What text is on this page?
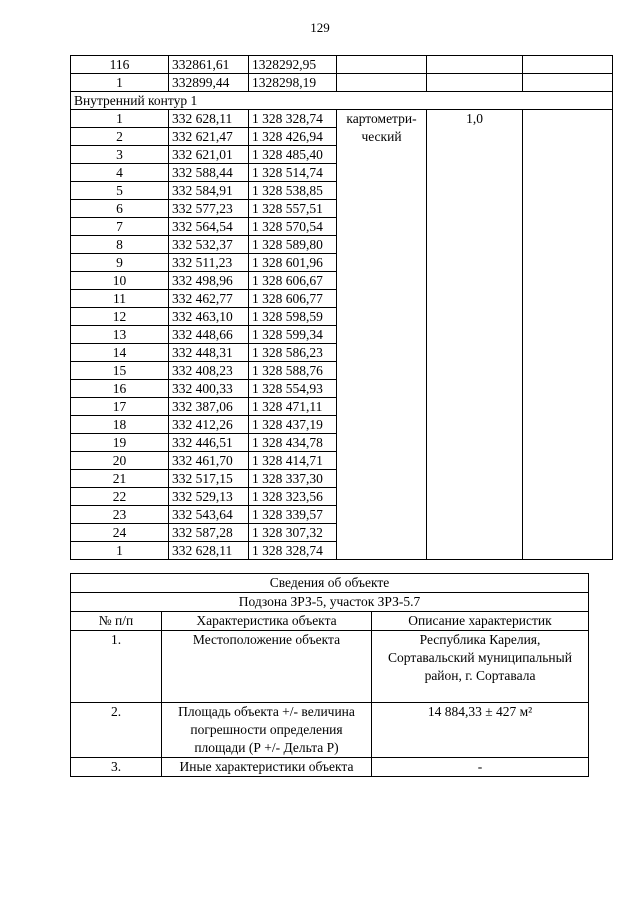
129
116	332861,61	1328292,95			
1	332899,44	1328298,19			
Внутренний контур 1					
1	332 628,11	1 328 328,74	картометри-ческий	1,0	
2	332 621,47	1 328 426,94			
3	332 621,01	1 328 485,40			
4	332 588,44	1 328 514,74			
5	332 584,91	1 328 538,85			
6	332 577,23	1 328 557,51			
7	332 564,54	1 328 570,54			
8	332 532,37	1 328 589,80			
9	332 511,23	1 328 601,96			
10	332 498,96	1 328 606,67			
11	332 462,77	1 328 606,77			
12	332 463,10	1 328 598,59			
13	332 448,66	1 328 599,34			
14	332 448,31	1 328 586,23			
15	332 408,23	1 328 588,76			
16	332 400,33	1 328 554,93			
17	332 387,06	1 328 471,11			
18	332 412,26	1 328 437,19			
19	332 446,51	1 328 434,78			
20	332 461,70	1 328 414,71			
21	332 517,15	1 328 337,30			
22	332 529,13	1 328 323,56			
23	332 543,64	1 328 339,57			
24	332 587,28	1 328 307,32			
1	332 628,11	1 328 328,74			
Сведения об объекте		
Подзона ЗРЗ-5, участок ЗРЗ-5.7		
№ п/п	Характеристика объекта	Описание характеристик
1.	Местоположение объекта	Республика Карелия, Сортавальский муниципальный район, г. Сортавала
2.	Площадь объекта +/- величина погрешности определения площади (Р +/- Дельта Р)	14 884,33 ± 427 м²
3.	Иные характеристики объекта	-
